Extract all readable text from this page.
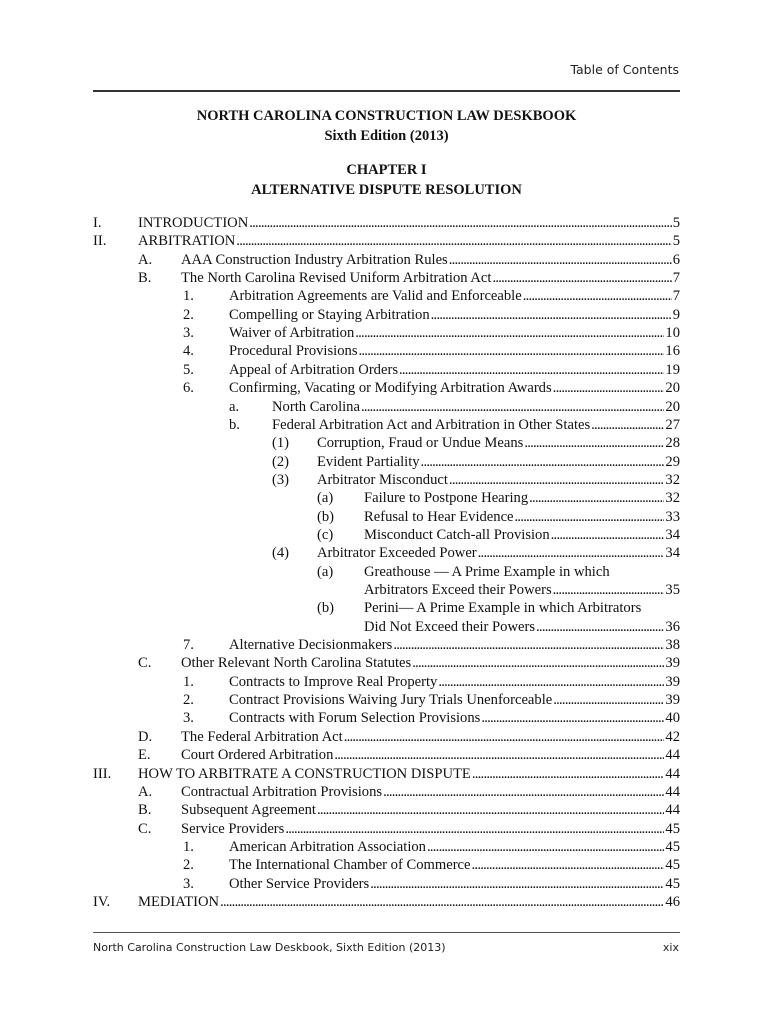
Table of Contents
NORTH CAROLINA CONSTRUCTION LAW DESKBOOK
Sixth Edition (2013)
CHAPTER I
ALTERNATIVE DISPUTE RESOLUTION
I. INTRODUCTION . . .	5
II. ARBITRATION . . .	5
A. AAA Construction Industry Arbitration Rules . . .	6
B. The North Carolina Revised Uniform Arbitration Act . . .	7
1. Arbitration Agreements are Valid and Enforceable . . .	7
2. Compelling or Staying Arbitration . . .	9
3. Waiver of Arbitration . . .	10
4. Procedural Provisions . . .	16
5. Appeal of Arbitration Orders . . .	19
6. Confirming, Vacating or Modifying Arbitration Awards . . .	20
a. North Carolina . . .	20
b. Federal Arbitration Act and Arbitration in Other States . . .	27
(1) Corruption, Fraud or Undue Means . . .	28
(2) Evident Partiality . . .	29
(3) Arbitrator Misconduct . . .	32
(a) Failure to Postpone Hearing . . .	32
(b) Refusal to Hear Evidence . . .	33
(c) Misconduct Catch-all Provision . . .	34
(4) Arbitrator Exceeded Power . . .	34
(a) Greathouse — A Prime Example in which
Arbitrators Exceed their Powers . . .	35
(b) Perini— A Prime Example in which Arbitrators
Did Not Exceed their Powers . . .	36
7. Alternative Decisionmakers . . .	38
C. Other Relevant North Carolina Statutes . . .	39
1. Contracts to Improve Real Property . . .	39
2. Contract Provisions Waiving Jury Trials Unenforceable . . .	39
3. Contracts with Forum Selection Provisions . . .	40
D. The Federal Arbitration Act . . .	42
E. Court Ordered Arbitration . . .	44
III. HOW TO ARBITRATE A CONSTRUCTION DISPUTE . . .	44
A. Contractual Arbitration Provisions . . .	44
B. Subsequent Agreement . . .	44
C. Service Providers . . .	45
1. American Arbitration Association . . .	45
2. The International Chamber of Commerce . . .	45
3. Other Service Providers . . .	45
IV. MEDIATION . . .	46
North Carolina Construction Law Deskbook, Sixth Edition (2013)	xix
